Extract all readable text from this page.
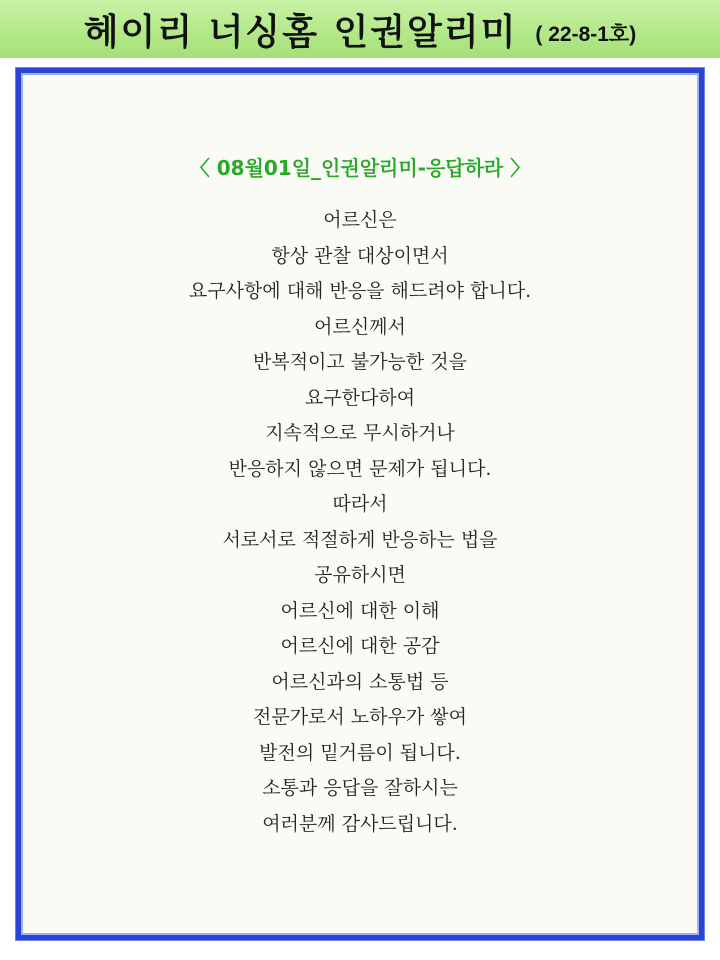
헤이리 너싱홈 인권알리미 ( 22-8-1호)
〈 08월01일_인권알리미-응답하라 〉
어르신은
항상 관찰 대상이면서
요구사항에 대해 반응을 해드려야 합니다.
어르신께서
반복적이고 불가능한 것을
요구한다하여
지속적으로 무시하거나
반응하지 않으면 문제가 됩니다.
따라서
서로서로 적절하게 반응하는 법을
공유하시면
어르신에 대한 이해
어르신에 대한 공감
어르신과의 소통법 등
전문가로서 노하우가 쌓여
발전의 밑거름이 됩니다.
소통과 응답을 잘하시는
여러분께 감사드립니다.
